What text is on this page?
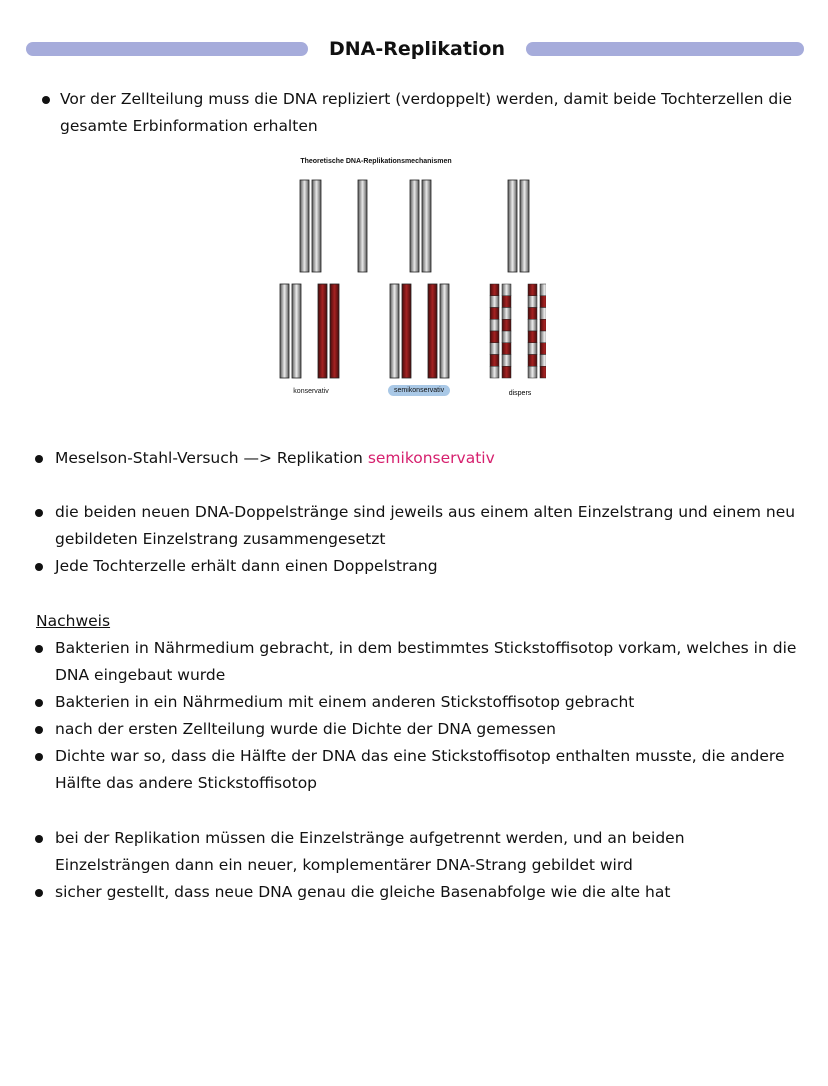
DNA-Replikation
Vor der Zellteilung muss die DNA repliziert (verdoppelt) werden, damit beide Tochterzellen die gesamte Erbinformation erhalten
Theoretische DNA-Replikationsmechanismen
konservativ	semikonservativ	dispers
Meselson-Stahl-Versuch —> Replikation semikonservativ
die beiden neuen DNA-Doppelstränge sind jeweils aus einem alten Einzelstrang und einem neu gebildeten Einzelstrang zusammengesetzt
Jede Tochterzelle erhält dann einen Doppelstrang
Nachweis
Bakterien in Nährmedium gebracht, in dem bestimmtes Stickstoffisotop vorkam, welches in die DNA eingebaut wurde
Bakterien in ein Nährmedium mit einem anderen Stickstoffisotop gebracht
nach der ersten Zellteilung wurde die Dichte der DNA gemessen
Dichte war so, dass die Hälfte der DNA das eine Stickstoffisotop enthalten musste, die andere Hälfte das andere Stickstoffisotop
bei der Replikation müssen die Einzelstränge aufgetrennt werden, und an beiden Einzelsträngen dann ein neuer, komplementärer DNA-Strang gebildet wird
sicher gestellt, dass neue DNA genau die gleiche Basenabfolge wie die alte hat
